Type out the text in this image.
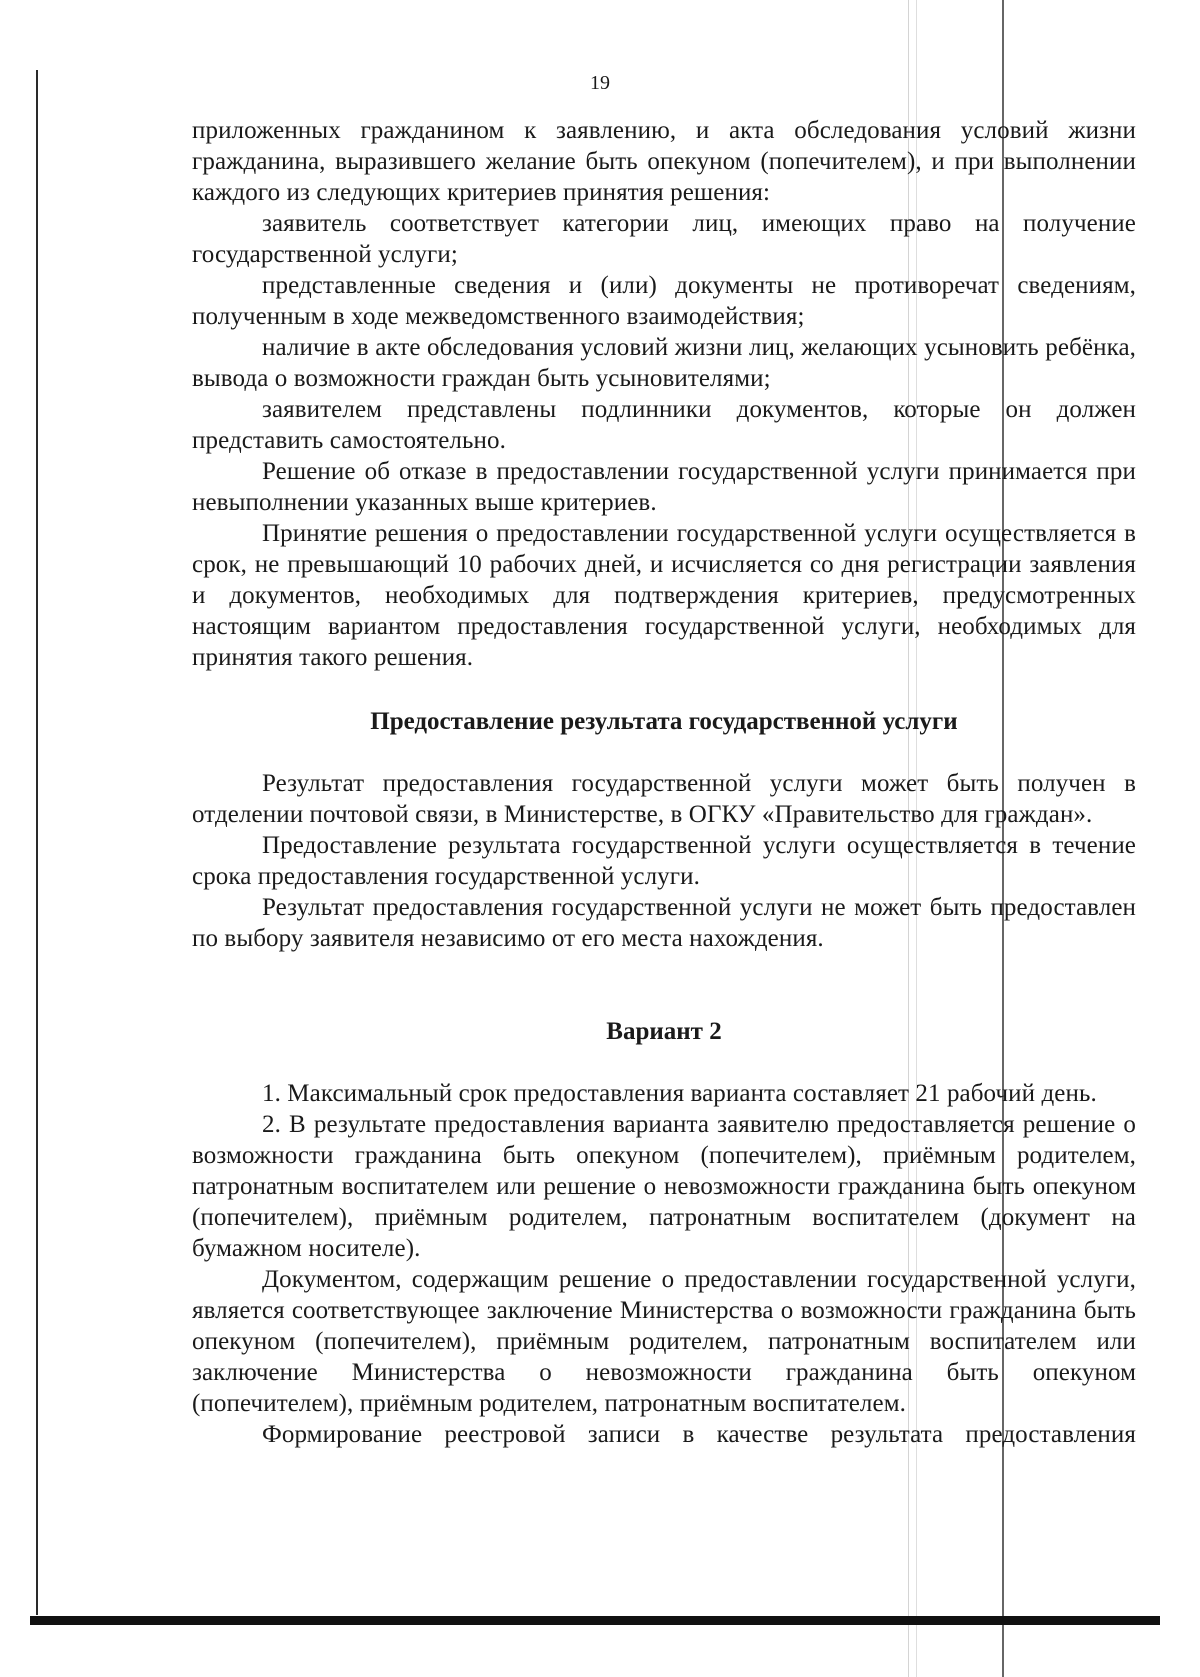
19

приложенных гражданином к заявлению, и акта обследования условий жизни гражданина, выразившего желание быть опекуном (попечителем), и при выполнении каждого из следующих критериев принятия решения:

заявитель соответствует категории лиц, имеющих право на получение государственной услуги;

представленные сведения и (или) документы не противоречат сведениям, полученным в ходе межведомственного взаимодействия;

наличие в акте обследования условий жизни лиц, желающих усыновить ребёнка, вывода о возможности граждан быть усыновителями;

заявителем представлены подлинники документов, которые он должен представить самостоятельно.

Решение об отказе в предоставлении государственной услуги принимается при невыполнении указанных выше критериев.

Принятие решения о предоставлении государственной услуги осуществляется в срок, не превышающий 10 рабочих дней, и исчисляется со дня регистрации заявления и документов, необходимых для подтверждения критериев, предусмотренных настоящим вариантом предоставления государственной услуги, необходимых для принятия такого решения.

Предоставление результата государственной услуги

Результат предоставления государственной услуги может быть получен в отделении почтовой связи, в Министерстве, в ОГКУ «Правительство для граждан».

Предоставление результата государственной услуги осуществляется в течение срока предоставления государственной услуги.

Результат предоставления государственной услуги не может быть предоставлен по выбору заявителя независимо от его места нахождения.

Вариант 2

1. Максимальный срок предоставления варианта составляет 21 рабочий день.

2. В результате предоставления варианта заявителю предоставляется решение о возможности гражданина быть опекуном (попечителем), приёмным родителем, патронатным воспитателем или решение о невозможности гражданина быть опекуном (попечителем), приёмным родителем, патронатным воспитателем (документ на бумажном носителе).

Документом, содержащим решение о предоставлении государственной услуги, является соответствующее заключение Министерства о возможности гражданина быть опекуном (попечителем), приёмным родителем, патронатным воспитателем или заключение Министерства о невозможности гражданина быть опекуном (попечителем), приёмным родителем, патронатным воспитателем.

Формирование реестровой записи в качестве результата предоставления
